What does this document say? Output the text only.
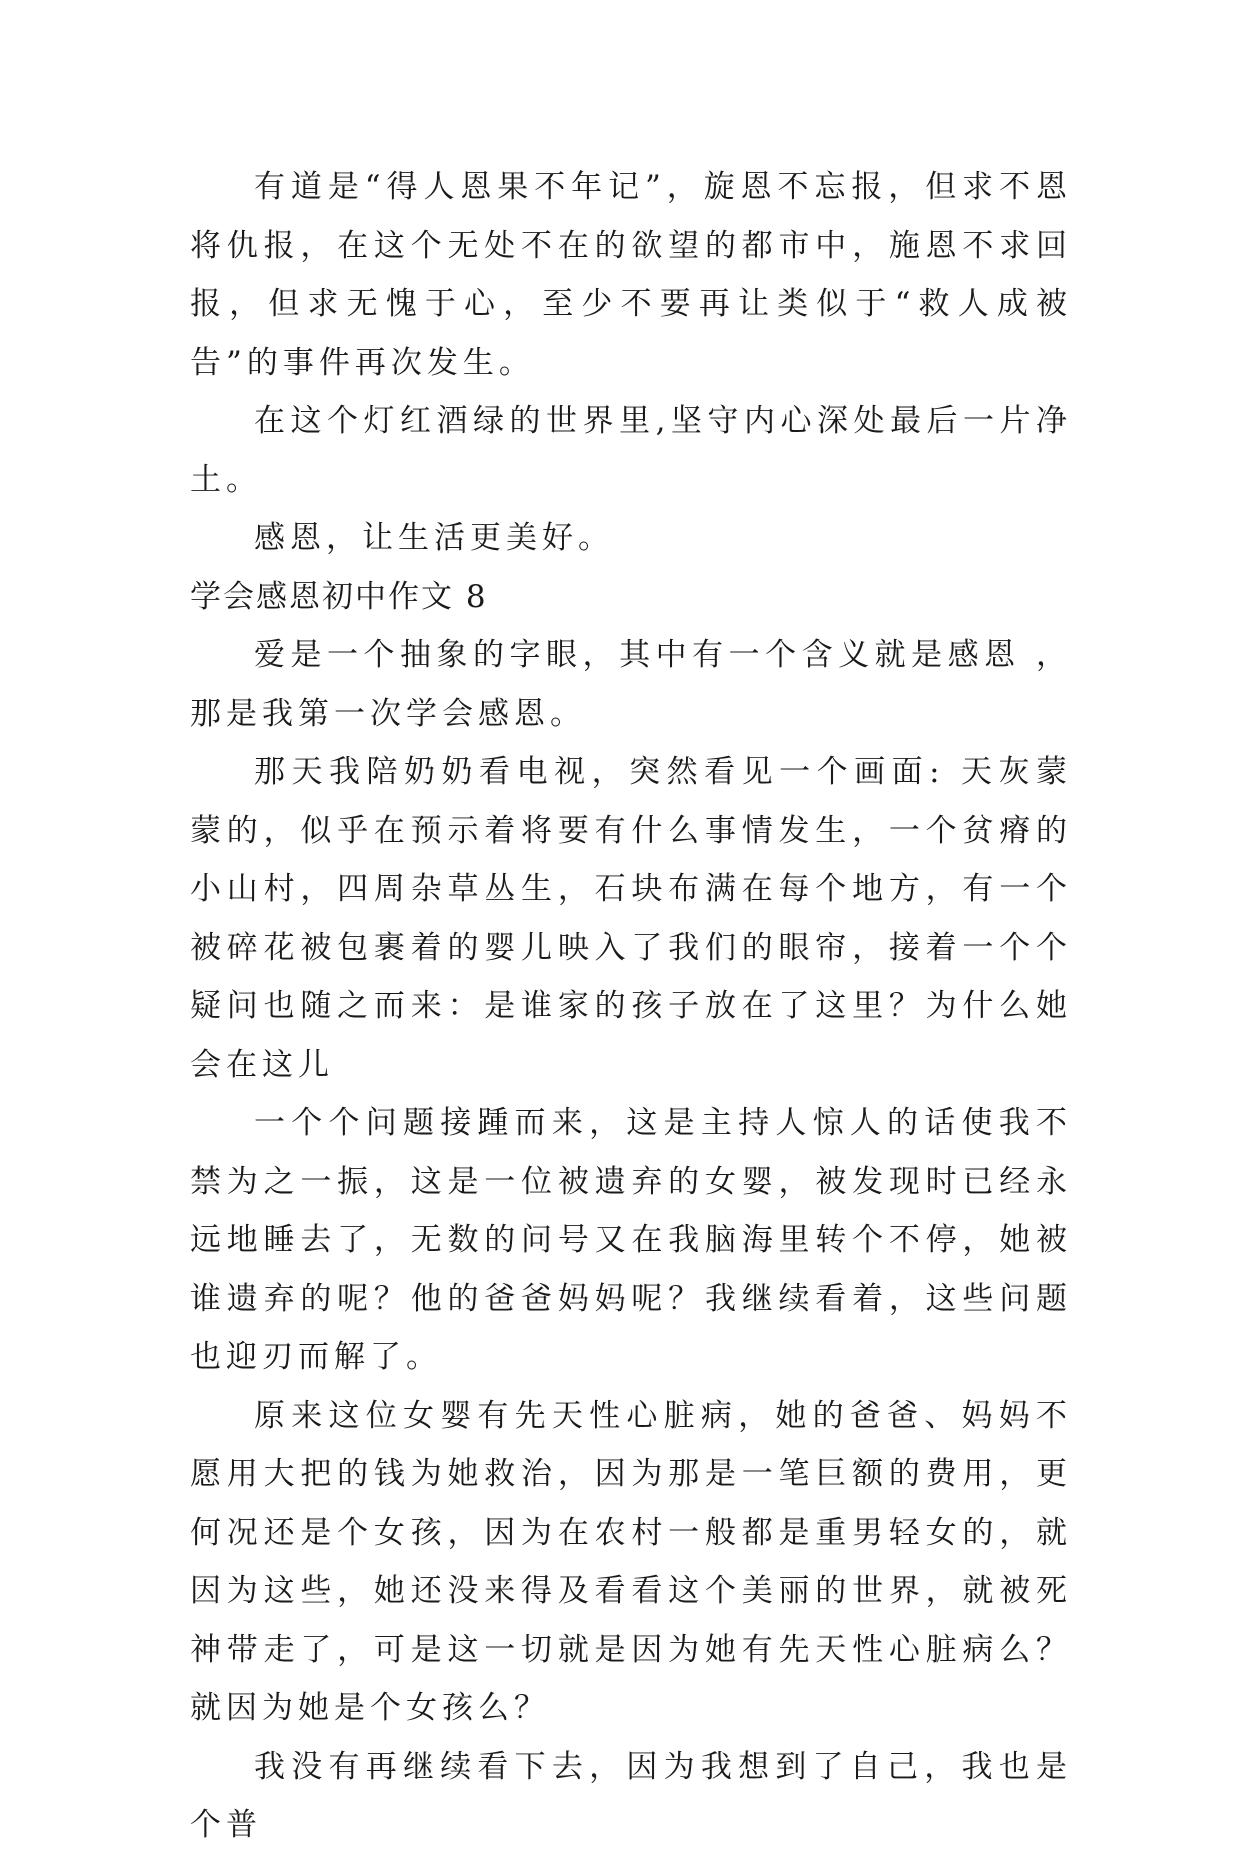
有道是“得人恩果不年记”，旋恩不忘报，但求不恩将仇报，在这个无处不在的欲望的都市中，施恩不求回报，但求无愧于心，至少不要再让类似于“救人成被告”的事件再次发生。

在这个灯红酒绿的世界里,坚守内心深处最后一片净土。

感恩，让生活更美好。

学会感恩初中作文 8

爱是一个抽象的字眼，其中有一个含义就是感恩 ，那是我第一次学会感恩。

那天我陪奶奶看电视，突然看见一个画面: 天灰蒙蒙的，似乎在预示着将要有什么事情发生，一个贫瘠的小山村，四周杂草丛生，石块布满在每个地方，有一个被碎花被包裹着的婴儿映入了我们的眼帘，接着一个个疑问也随之而来：是谁家的孩子放在了这里？为什么她会在这儿

一个个问题接踵而来，这是主持人惊人的话使我不禁为之一振，这是一位被遗弃的女婴，被发现时已经永远地睡去了，无数的问号又在我脑海里转个不停，她被谁遗弃的呢？他的爸爸妈妈呢？我继续看着，这些问题也迎刃而解了。

原来这位女婴有先天性心脏病，她的爸爸、妈妈不愿用大把的钱为她救治，因为那是一笔巨额的费用，更何况还是个女孩，因为在农村一般都是重男轻女的，就因为这些，她还没来得及看看这个美丽的世界，就被死神带走了，可是这一切就是因为她有先天性心脏病么？就因为她是个女孩么？

我没有再继续看下去，因为我想到了自己，我也是个普
